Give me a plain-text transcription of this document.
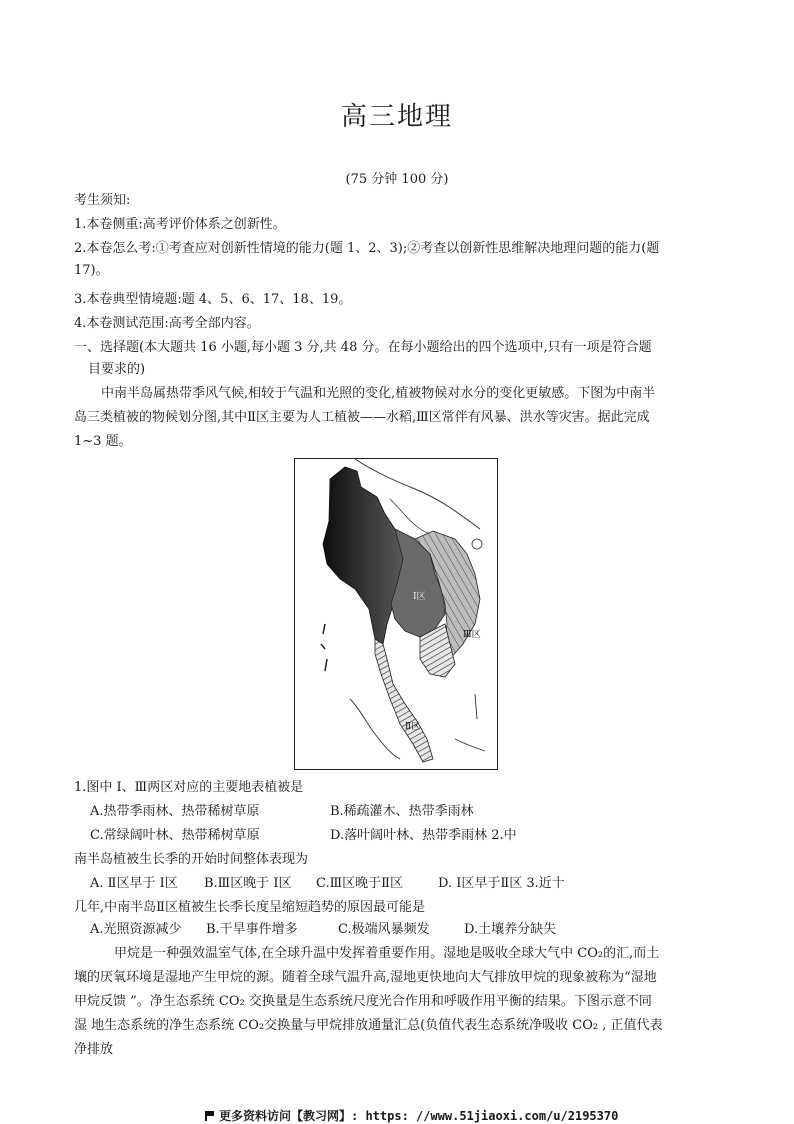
高三地理
(75 分钟 100 分)
考生须知:
1.本卷侧重:高考评价体系之创新性。
2.本卷怎么考:①考查应对创新性情境的能力(题 1、2、3);②考查以创新性思维解决地理问题的能力(题
17)。
3.本卷典型情境题:题 4、5、6、17、18、19。
4.本卷测试范围:高考全部内容。
一、选择题(本大题共 16 小题,每小题 3 分,共 48 分。在每小题给出的四个选项中,只有一项是符合题
目要求的)
中南半岛属热带季风气候,相较于气温和光照的变化,植被物候对水分的变化更敏感。下图为中南半
岛三类植被的物候划分图,其中Ⅱ区主要为人工植被——水稻,Ⅲ区常伴有风暴、洪水等灾害。据此完成
1~3 题。
Ⅲ区
Ⅱ区
Ⅰ区
1.图中 Ⅰ、Ⅲ两区对应的主要地表植被是
A.热带季雨林、热带稀树草原	B.稀疏灌木、热带季雨林
C.常绿阔叶林、热带稀树草原	D.落叶阔叶林、热带季雨林 2.中
南半岛植被生长季的开始时间整体表现为
A. Ⅱ区早于 Ⅰ区 B.Ⅲ区晚于 Ⅰ区 C.Ⅲ区晚于Ⅱ区	D. Ⅰ区早于Ⅱ区 3.近十
几年,中南半岛Ⅱ区植被生长季长度呈缩短趋势的原因最可能是
A.光照资源减少 B.干旱事件增多	C.极端风暴频发	D.土壤养分缺失
甲烷是一种强效温室气体,在全球升温中发挥着重要作用。湿地是吸收全球大气中 CO₂的汇,而土
壤的厌氧环境是湿地产生甲烷的源。随着全球气温升高,湿地更快地向大气排放甲烷的现象被称为“湿地
甲烷反馈 ”。净生态系统 CO₂ 交换量是生态系统尺度光合作用和呼吸作用平衡的结果。下图示意不同
湿 地生态系统的净生态系统 CO₂交换量与甲烷排放通量汇总(负值代表生态系统净吸收 CO₂ , 正值代表
净排放
更多资料访问【教习网】: https: //www.51jiaoxi.com/u/2195370
